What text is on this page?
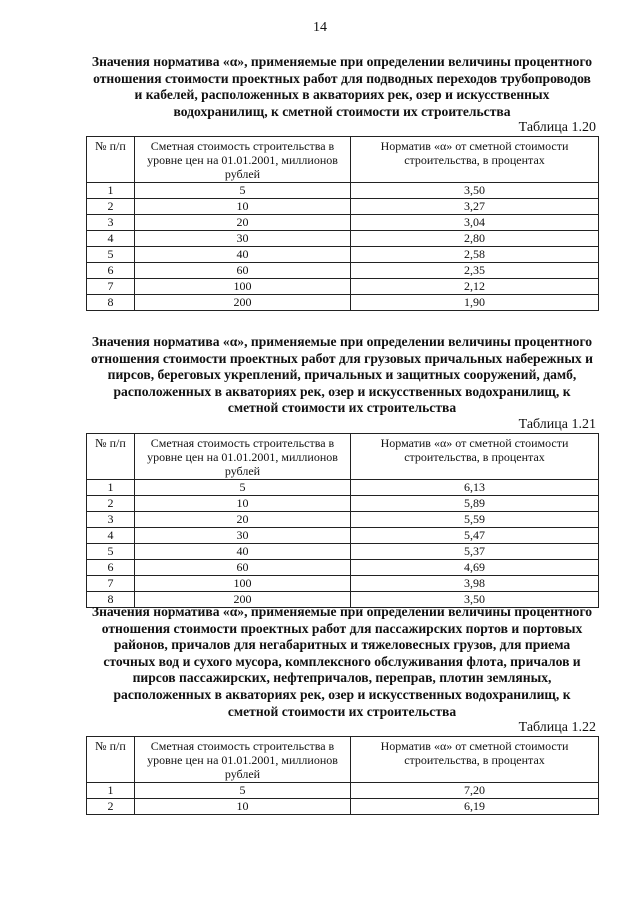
14

Значения норматива «α», применяемые при определении величины процентного отношения стоимости проектных работ для подводных переходов трубопроводов и кабелей, расположенных в акваториях рек, озер и искусственных водохранилищ, к сметной стоимости их строительства

Таблица 1.20

№ п/п	Сметная стоимость строительства в уровне цен на 01.01.2001, миллионов рублей	Норматив «α» от сметной стоимости строительства, в процентах
1	5	3,50
2	10	3,27
3	20	3,04
4	30	2,80
5	40	2,58
6	60	2,35
7	100	2,12
8	200	1,90

Значения норматива «α», применяемые при определении величины процентного отношения стоимости проектных работ для грузовых причальных набережных и пирсов, береговых укреплений, причальных и защитных сооружений, дамб, расположенных в акваториях рек, озер и искусственных водохранилищ, к сметной стоимости их строительства

Таблица 1.21

№ п/п	Сметная стоимость строительства в уровне цен на 01.01.2001, миллионов рублей	Норматив «α» от сметной стоимости строительства, в процентах
1	5	6,13
2	10	5,89
3	20	5,59
4	30	5,47
5	40	5,37
6	60	4,69
7	100	3,98
8	200	3,50

Значения норматива «α», применяемые при определении величины процентного отношения стоимости проектных работ для пассажирских портов и портовых районов, причалов для негабаритных и тяжеловесных грузов, для приема сточных вод и сухого мусора, комплексного обслуживания флота, причалов и пирсов пассажирских, нефтепричалов, переправ, плотин земляных, расположенных в акваториях рек, озер и искусственных водохранилищ, к сметной стоимости их строительства

Таблица 1.22

№ п/п	Сметная стоимость строительства в уровне цен на 01.01.2001, миллионов рублей	Норматив «α» от сметной стоимости строительства, в процентах
1	5	7,20
2	10	6,19
